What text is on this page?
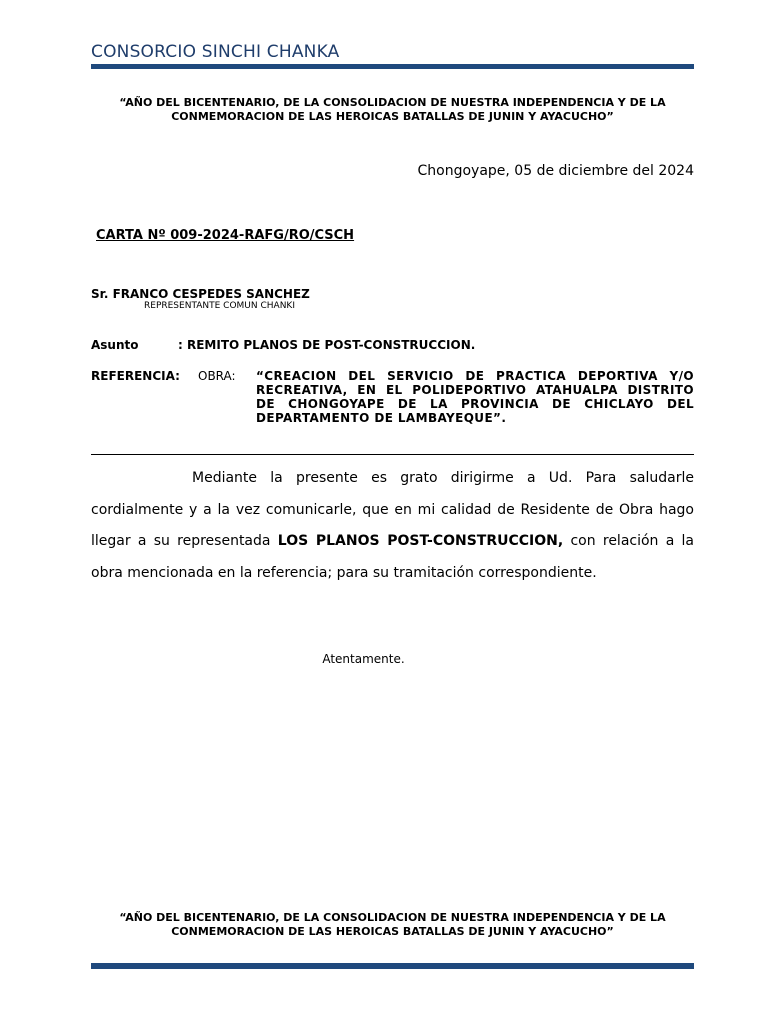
CONSORCIO SINCHI CHANKA
“AÑO DEL BICENTENARIO, DE LA CONSOLIDACION DE NUESTRA INDEPENDENCIA Y DE LA
CONMEMORACION DE LAS HEROICAS BATALLAS DE JUNIN Y AYACUCHO”
Chongoyape, 05 de diciembre del 2024
CARTA Nº 009-2024-RAFG/RO/CSCH
Sr. FRANCO CESPEDES SANCHEZ
REPRESENTANTE COMUN CHANKI
Asunto	: REMITO PLANOS DE POST-CONSTRUCCION.
REFERENCIA: OBRA: “CREACION DEL SERVICIO DE PRACTICA DEPORTIVA Y/O
RECREATIVA, EN EL POLIDEPORTIVO ATAHUALPA DISTRITO
DE CHONGOYAPE DE LA PROVINCIA DE CHICLAYO DEL
DEPARTAMENTO DE LAMBAYEQUE”.
Mediante la presente es grato dirigirme a Ud. Para saludarle
cordialmente y a la vez comunicarle, que en mi calidad de Residente de Obra hago
llegar a su representada LOS PLANOS POST-CONSTRUCCION, con relación a la
obra mencionada en la referencia; para su tramitación correspondiente.
Atentamente.
“AÑO DEL BICENTENARIO, DE LA CONSOLIDACION DE NUESTRA INDEPENDENCIA Y DE LA
CONMEMORACION DE LAS HEROICAS BATALLAS DE JUNIN Y AYACUCHO”
